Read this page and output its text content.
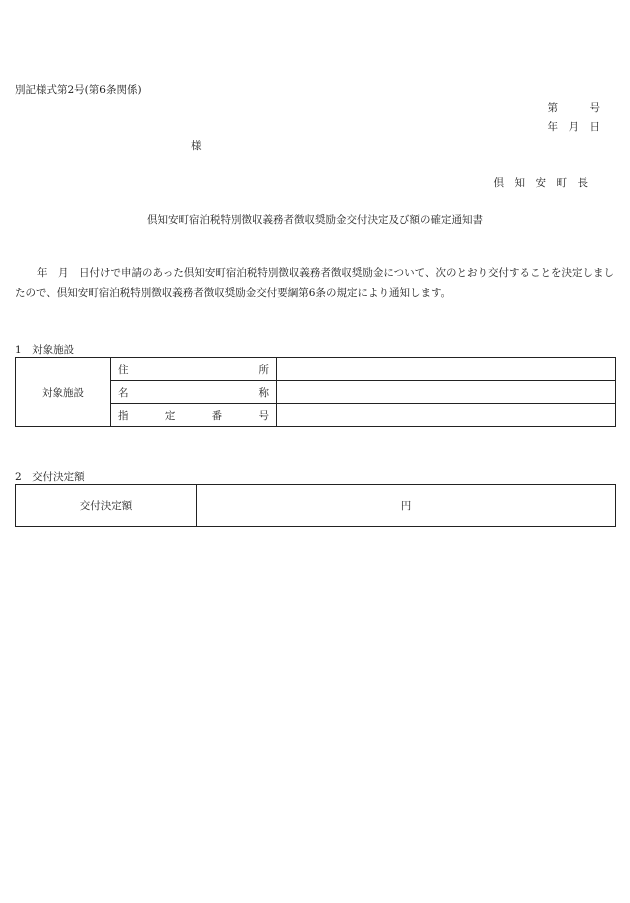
別記様式第2号(第6条関係)
第　　　号
年　月　日
様
倶　知　安　町　長
倶知安町宿泊税特別徴収義務者徴収奨励金交付決定及び額の確定通知書
年　月　日付けで申請のあった倶知安町宿泊税特別徴収義務者徴収奨励金について、次のとおり交付することを決定しましたので、倶知安町宿泊税特別徴収義務者徴収奨励金交付要綱第6条の規定により通知します。
1　対象施設
対象施設	住 所	

	名 称	

	指 定 番 号	

2　交付決定額
交付決定額	円
